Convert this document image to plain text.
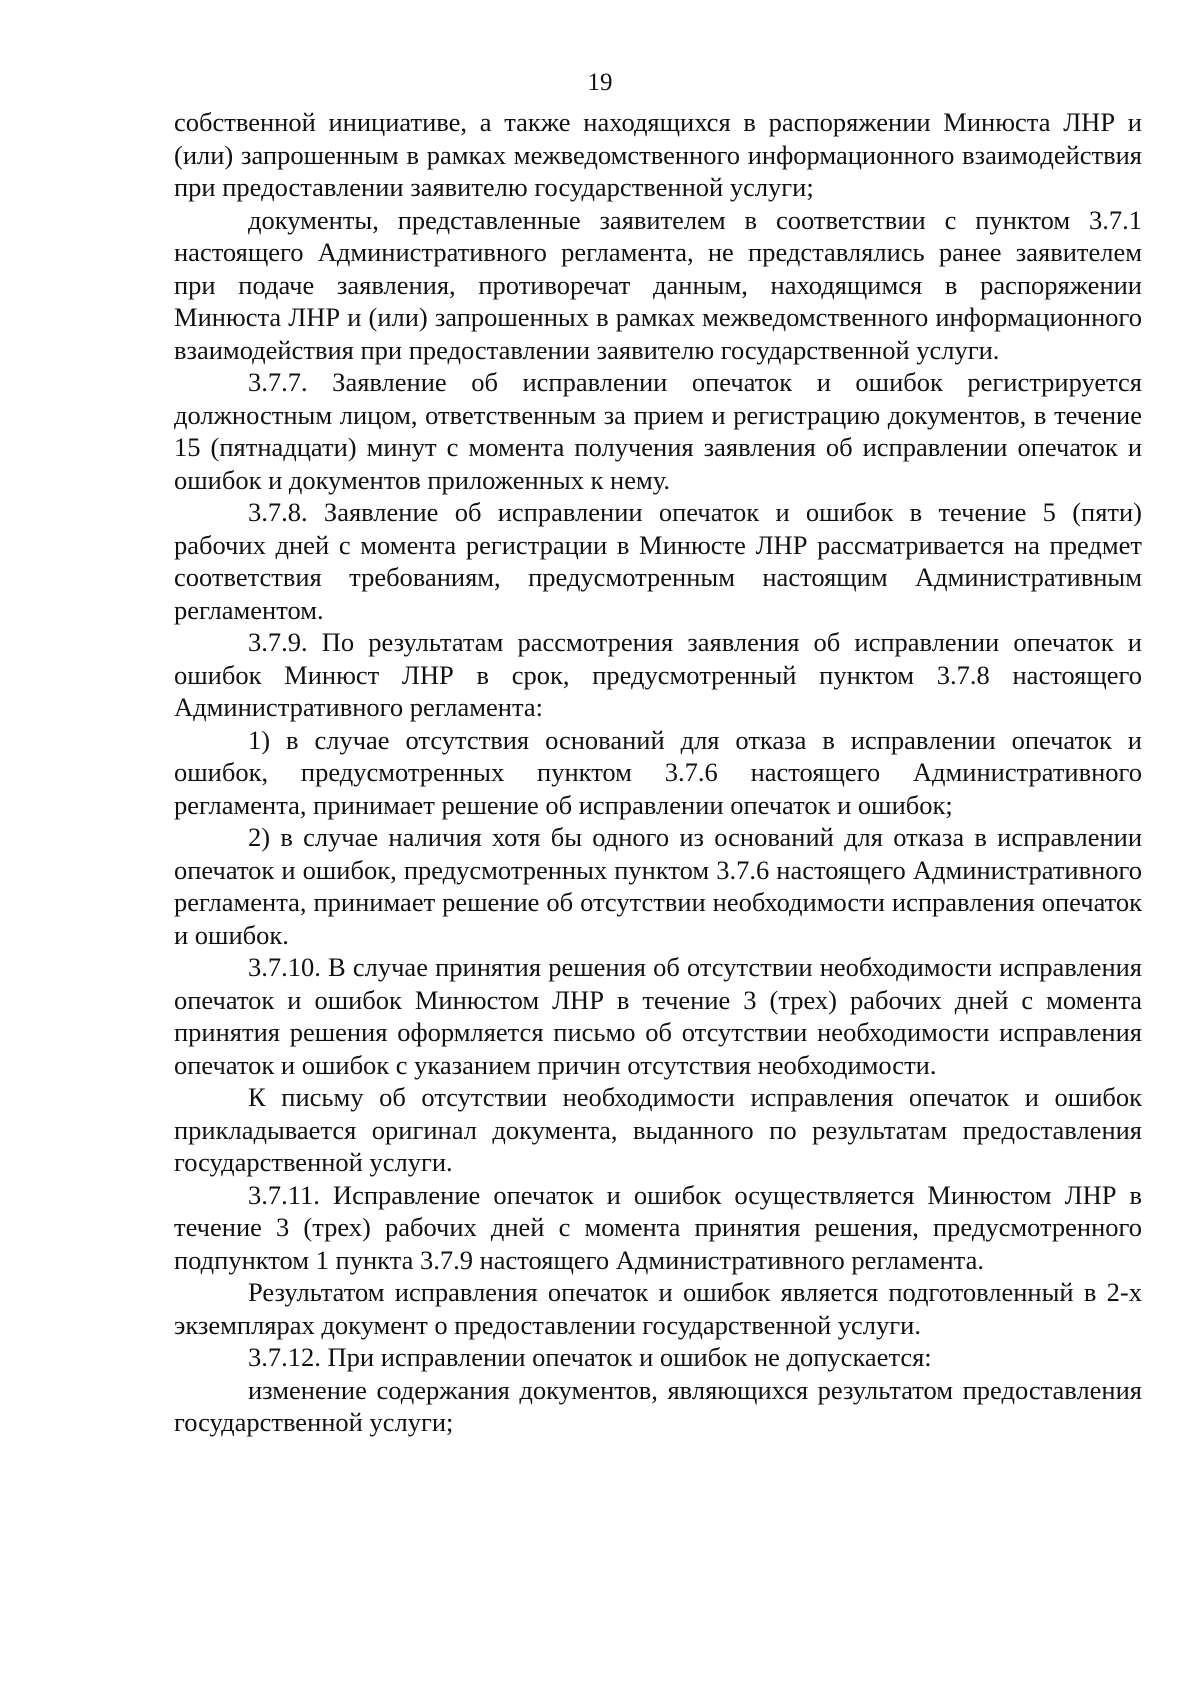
19

собственной инициативе, а также находящихся в распоряжении Минюста ЛНР и (или) запрошенным в рамках межведомственного информационного взаимодействия при предоставлении заявителю государственной услуги;

документы, представленные заявителем в соответствии с пунктом 3.7.1 настоящего Административного регламента, не представлялись ранее заявителем при подаче заявления, противоречат данным, находящимся в распоряжении Минюста ЛНР и (или) запрошенных в рамках межведомственного информационного взаимодействия при предоставлении заявителю государственной услуги.

3.7.7. Заявление об исправлении опечаток и ошибок регистрируется должностным лицом, ответственным за прием и регистрацию документов, в течение 15 (пятнадцати) минут с момента получения заявления об исправлении опечаток и ошибок и документов приложенных к нему.

3.7.8. Заявление об исправлении опечаток и ошибок в течение 5 (пяти) рабочих дней с момента регистрации в Минюсте ЛНР рассматривается на предмет соответствия требованиям, предусмотренным настоящим Административным регламентом.

3.7.9. По результатам рассмотрения заявления об исправлении опечаток и ошибок Минюст ЛНР в срок, предусмотренный пунктом 3.7.8 настоящего Административного регламента:

1) в случае отсутствия оснований для отказа в исправлении опечаток и ошибок, предусмотренных пунктом 3.7.6 настоящего Административного регламента, принимает решение об исправлении опечаток и ошибок;

2) в случае наличия хотя бы одного из оснований для отказа в исправлении опечаток и ошибок, предусмотренных пунктом 3.7.6 настоящего Административного регламента, принимает решение об отсутствии необходимости исправления опечаток и ошибок.

3.7.10. В случае принятия решения об отсутствии необходимости исправления опечаток и ошибок Минюстом ЛНР в течение 3 (трех) рабочих дней с момента принятия решения оформляется письмо об отсутствии необходимости исправления опечаток и ошибок с указанием причин отсутствия необходимости.

К письму об отсутствии необходимости исправления опечаток и ошибок прикладывается оригинал документа, выданного по результатам предоставления государственной услуги.

3.7.11. Исправление опечаток и ошибок осуществляется Минюстом ЛНР в течение 3 (трех) рабочих дней с момента принятия решения, предусмотренного подпунктом 1 пункта 3.7.9 настоящего Административного регламента.

Результатом исправления опечаток и ошибок является подготовленный в 2-х экземплярах документ о предоставлении государственной услуги.

3.7.12. При исправлении опечаток и ошибок не допускается:

изменение содержания документов, являющихся результатом предоставления государственной услуги;
